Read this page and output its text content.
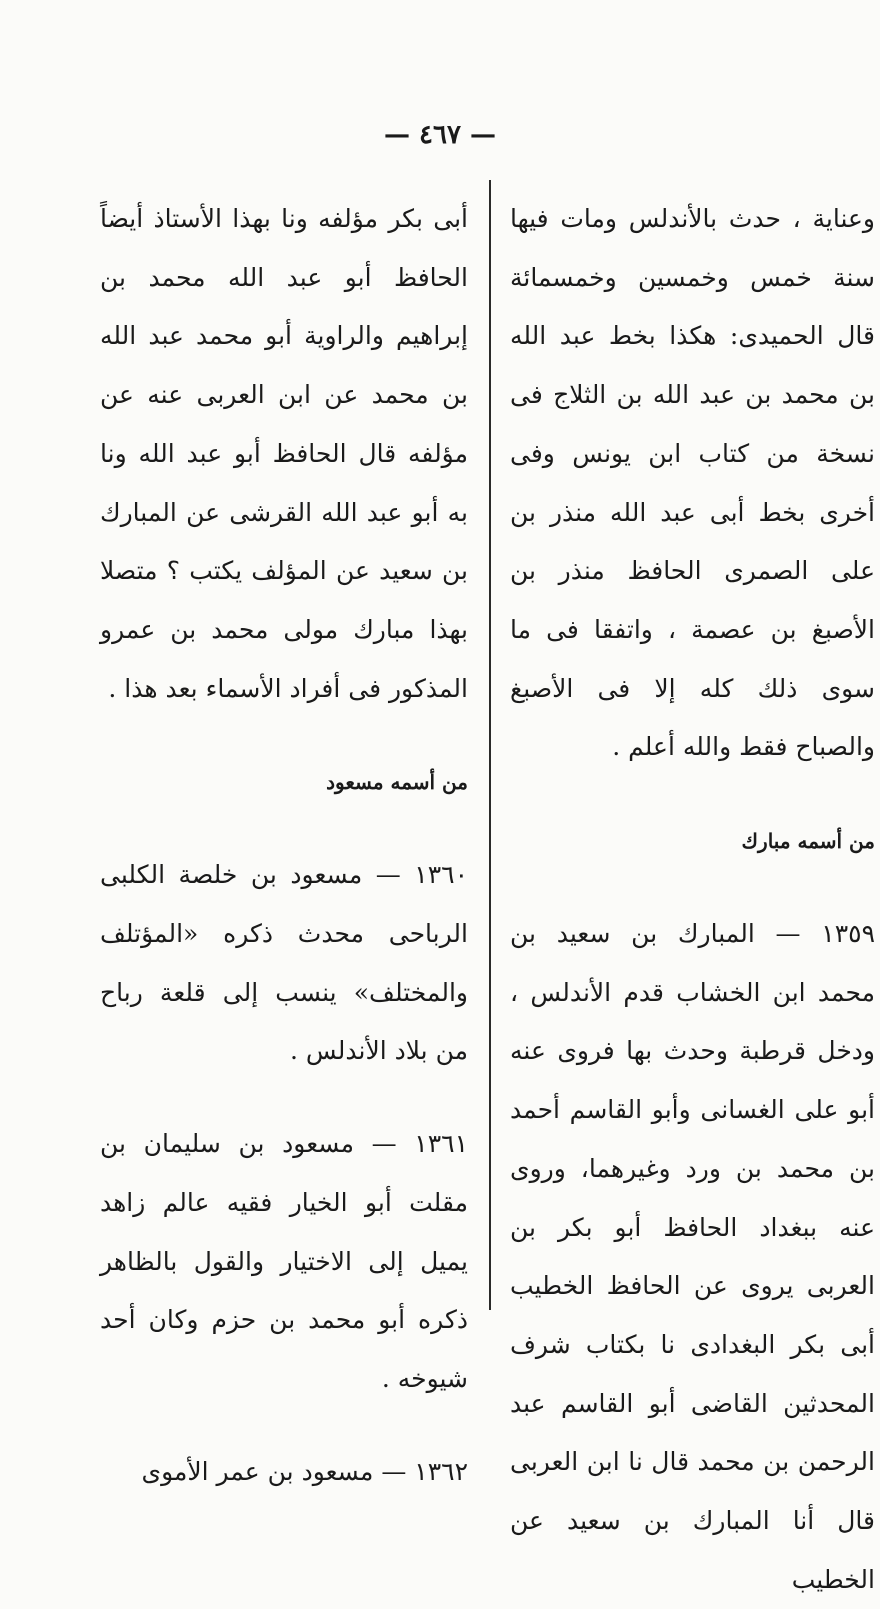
— ٤٦٧ —

وعناية ، حدث بالأندلس ومات فيها سنة خمس وخمسين وخمسمائة قال الحميدى: هكذا بخط عبد الله بن محمد بن عبد الله بن الثلاج فى نسخة من كتاب ابن يونس وفى أخرى بخط أبى عبد الله منذر بن على الصمرى الحافظ منذر بن الأصبغ بن عصمة ، واتفقا فى ما سوى ذلك كله إلا فى الأصبغ والصباح فقط والله أعلم .

من أسمه مبارك

١٣٥٩ — المبارك بن سعيد بن محمد ابن الخشاب قدم الأندلس ، ودخل قرطبة وحدث بها فروى عنه أبو على الغسانى وأبو القاسم أحمد بن محمد بن ورد وغيرهما، وروى عنه ببغداد الحافظ أبو بكر بن العربى يروى عن الحافظ الخطيب أبى بكر البغدادى نا بكتاب شرف المحدثين القاضى أبو القاسم عبد الرحمن بن محمد قال نا ابن العربى قال أنا المبارك بن سعيد عن الخطيب

أبى بكر مؤلفه ونا بهذا الأستاذ أيضاً الحافظ أبو عبد الله محمد بن إبراهيم والراوية أبو محمد عبد الله بن محمد عن ابن العربى عنه عن مؤلفه قال الحافظ أبو عبد الله ونا به أبو عبد الله القرشى عن المبارك بن سعيد عن المؤلف يكتب ؟ متصلا بهذا مبارك مولى محمد بن عمرو المذكور فى أفراد الأسماء بعد هذا .

من أسمه مسعود

١٣٦٠ — مسعود بن خلصة الكلبى الرباحى محدث ذكره «المؤتلف والمختلف» ينسب إلى قلعة رباح من بلاد الأندلس .

١٣٦١ — مسعود بن سليمان بن مقلت أبو الخيار فقيه عالم زاهد يميل إلى الاختيار والقول بالظاهر ذكره أبو محمد بن حزم وكان أحد شيوخه .

١٣٦٢ — مسعود بن عمر الأموى
